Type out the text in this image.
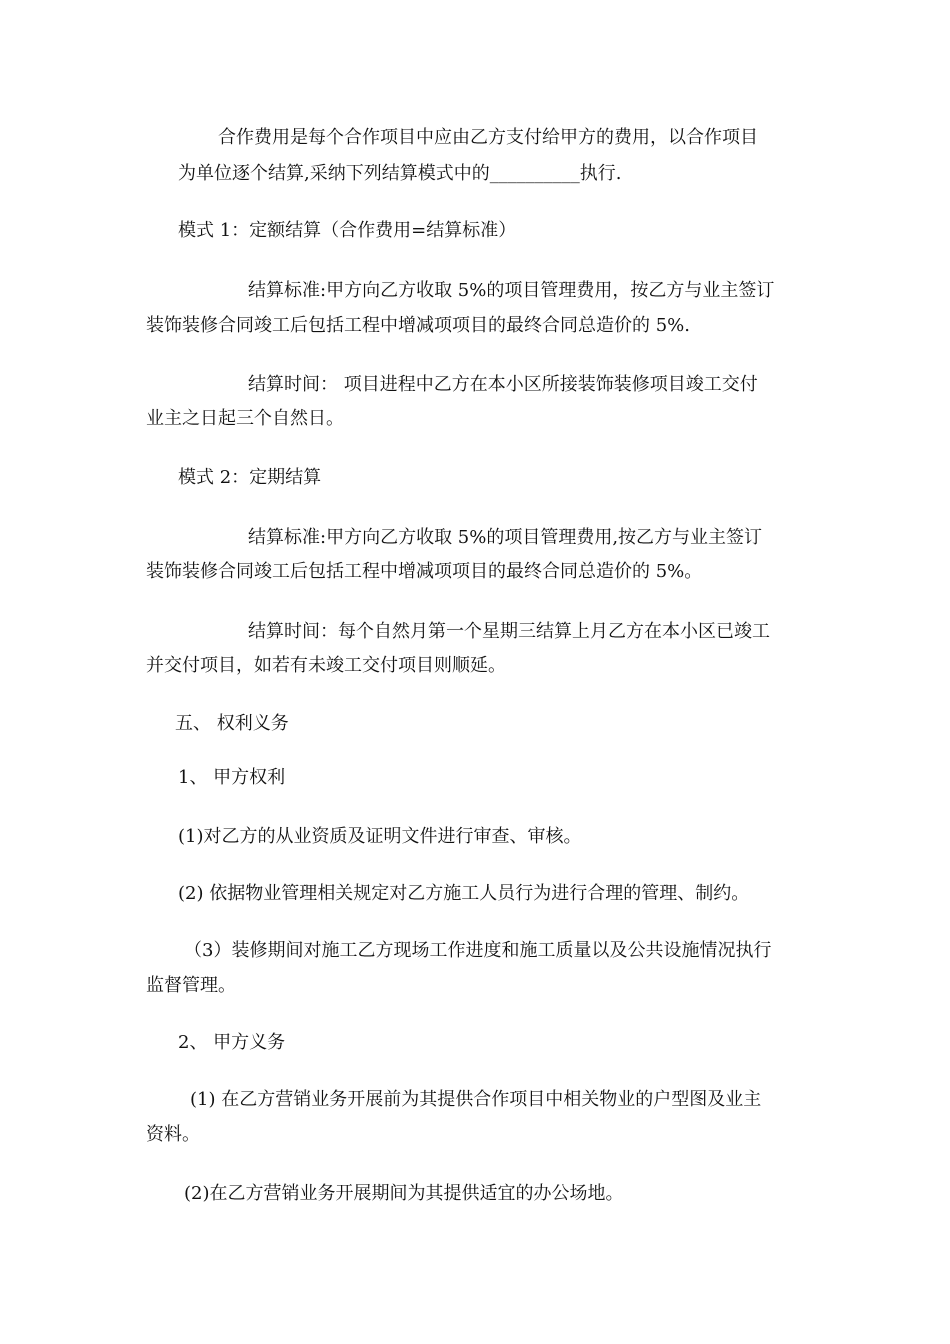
合作费用是每个合作项目中应由乙方支付给甲方的费用，以合作项目
为单位逐个结算,采纳下列结算模式中的__________执行.
模式 1：定额结算（合作费用=结算标准）
结算标准:甲方向乙方收取 5%的项目管理费用，按乙方与业主签订
装饰装修合同竣工后包括工程中增减项项目的最终合同总造价的 5%.
结算时间： 项目进程中乙方在本小区所接装饰装修项目竣工交付
业主之日起三个自然日。
模式 2：定期结算
结算标准:甲方向乙方收取 5%的项目管理费用,按乙方与业主签订
装饰装修合同竣工后包括工程中增减项项目的最终合同总造价的 5%。
结算时间：每个自然月第一个星期三结算上月乙方在本小区已竣工
并交付项目，如若有未竣工交付项目则顺延。
五、 权利义务
1、 甲方权利
(1)对乙方的从业资质及证明文件进行审查、审核。
(2) 依据物业管理相关规定对乙方施工人员行为进行合理的管理、制约。
（3）装修期间对施工乙方现场工作进度和施工质量以及公共设施情况执行
监督管理。
2、 甲方义务
(1) 在乙方营销业务开展前为其提供合作项目中相关物业的户型图及业主
资料。
(2)在乙方营销业务开展期间为其提供适宜的办公场地。
